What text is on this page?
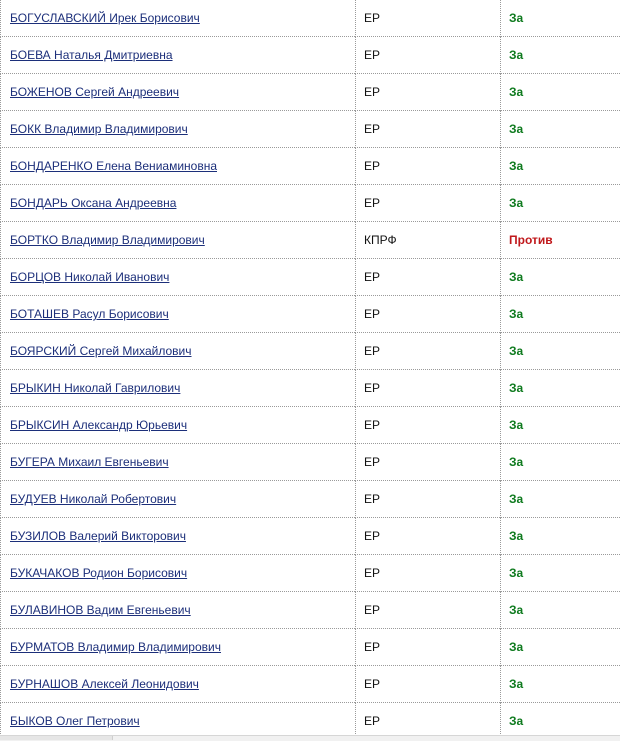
БОГУСЛАВСКИЙ Ирек Борисович	ЕР	За
БОЕВА Наталья Дмитриевна	ЕР	За
БОЖЕНОВ Сергей Андреевич	ЕР	За
БОКК Владимир Владимирович	ЕР	За
БОНДАРЕНКО Елена Вениаминовна	ЕР	За
БОНДАРЬ Оксана Андреевна	ЕР	За
БОРТКО Владимир Владимирович	КПРФ	Против
БОРЦОВ Николай Иванович	ЕР	За
БОТАШЕВ Расул Борисович	ЕР	За
БОЯРСКИЙ Сергей Михайлович	ЕР	За
БРЫКИН Николай Гаврилович	ЕР	За
БРЫКСИН Александр Юрьевич	ЕР	За
БУГЕРА Михаил Евгеньевич	ЕР	За
БУДУЕВ Николай Робертович	ЕР	За
БУЗИЛОВ Валерий Викторович	ЕР	За
БУКАЧАКОВ Родион Борисович	ЕР	За
БУЛАВИНОВ Вадим Евгеньевич	ЕР	За
БУРМАТОВ Владимир Владимирович	ЕР	За
БУРНАШОВ Алексей Леонидович	ЕР	За
БЫКОВ Олег Петрович	ЕР	За
